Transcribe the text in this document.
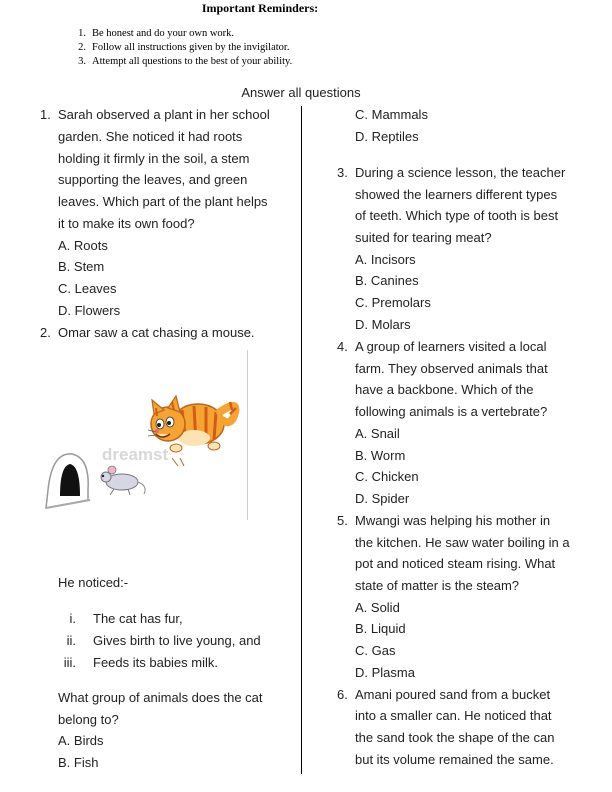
Important Reminders:
1. Be honest and do your own work.
2. Follow all instructions given by the invigilator.
3. Attempt all questions to the best of your ability.
Answer all questions
1. Sarah observed a plant in her school
garden. She noticed it had roots
holding it firmly in the soil, a stem
supporting the leaves, and green
leaves. Which part of the plant helps
it to make its own food?
A. Roots
B. Stem
C. Leaves
D. Flowers
2. Omar saw a cat chasing a mouse.
dreamst
He noticed:-
i. The cat has fur,
ii. Gives birth to live young, and
iii. Feeds its babies milk.
What group of animals does the cat
belong to?
A. Birds
B. Fish
C. Mammals
D. Reptiles
3. During a science lesson, the teacher
showed the learners different types
of teeth. Which type of tooth is best
suited for tearing meat?
A. Incisors
B. Canines
C. Premolars
D. Molars
4. A group of learners visited a local
farm. They observed animals that
have a backbone. Which of the
following animals is a vertebrate?
A. Snail
B. Worm
C. Chicken
D. Spider
5. Mwangi was helping his mother in
the kitchen. He saw water boiling in a
pot and noticed steam rising. What
state of matter is the steam?
A. Solid
B. Liquid
C. Gas
D. Plasma
6. Amani poured sand from a bucket
into a smaller can. He noticed that
the sand took the shape of the can
but its volume remained the same.
